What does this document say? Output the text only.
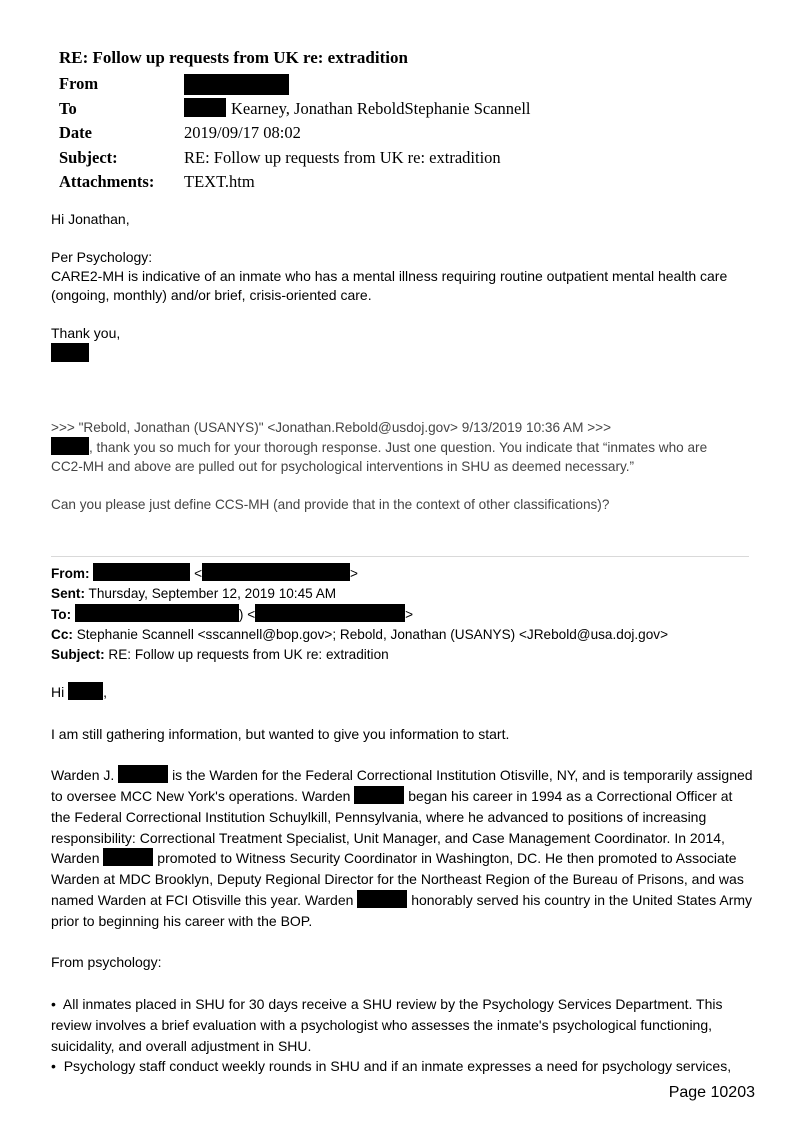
RE: Follow up requests from UK re: extradition
From
To	Kearney, Jonathan ReboldStephanie Scannell
Date	2019/09/17 08:02
Subject:	RE: Follow up requests from UK re: extradition
Attachments:	TEXT.htm

Hi Jonathan,

Per Psychology:

CARE2-MH is indicative of an inmate who has a mental illness requiring routine outpatient mental health care (ongoing, monthly) and/or brief, crisis-oriented care.

Thank you,

>>> "Rebold, Jonathan (USANYS)" <Jonathan.Rebold@usdoj.gov> 9/13/2019 10:36 AM >>>

, thank you so much for your thorough response. Just one question. You indicate that “inmates who are CC2-MH and above are pulled out for psychological interventions in SHU as deemed necessary.”

Can you please just define CCS-MH (and provide that in the context of other classifications)?

From:	<	>
Sent: Thursday, September 12, 2019 10:45 AM
To:	) <	>
Cc: Stephanie Scannell <sscannell@bop.gov>; Rebold, Jonathan (USANYS) <JRebold@usa.doj.gov>
Subject: RE: Follow up requests from UK re: extradition

Hi	,

I am still gathering information, but wanted to give you information to start.

Warden J.	is the Warden for the Federal Correctional Institution Otisville, NY, and is temporarily assigned to oversee MCC New York's operations. Warden	began his career in 1994 as a Correctional Officer at the Federal Correctional Institution Schuylkill, Pennsylvania, where he advanced to positions of increasing responsibility: Correctional Treatment Specialist, Unit Manager, and Case Management Coordinator. In 2014, Warden	promoted to Witness Security Coordinator in Washington, DC. He then promoted to Associate Warden at MDC Brooklyn, Deputy Regional Director for the Northeast Region of the Bureau of Prisons, and was named Warden at FCI Otisville this year. Warden	honorably served his country in the United States Army prior to beginning his career with the BOP.

From psychology:

•  All inmates placed in SHU for 30 days receive a SHU review by the Psychology Services Department. This review involves a brief evaluation with a psychologist who assesses the inmate's psychological functioning, suicidality, and overall adjustment in SHU.

•  Psychology staff conduct weekly rounds in SHU and if an inmate expresses a need for psychology services,

Page 10203
